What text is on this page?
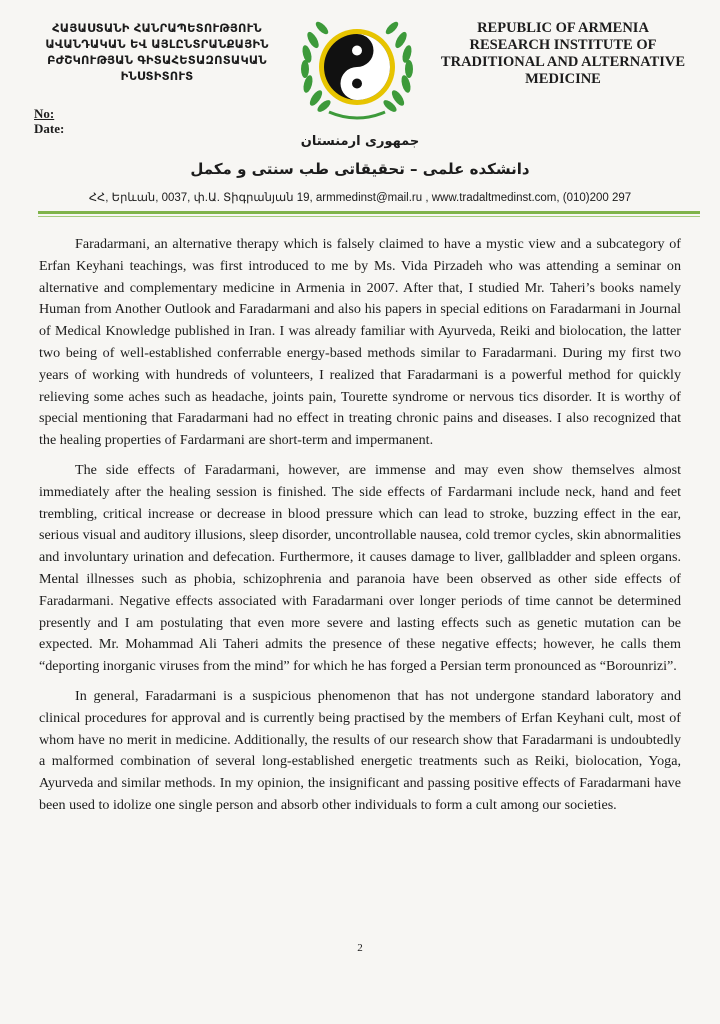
ՀԱՅԱՍՏԱՆԻ ՀԱՆՐԱՊԵՏՈՒԹՅՈՒՆ
ԱՎԱՆԴԱԿԱՆ ԵՎ ԱՅԼԸՆՏՐԱՆՔԱՅԻՆ
ԲԺՇԿՈՒԹՅԱՆ ԳԻՏԱՀԵՏԱԶՈՏԱԿԱՆ
ԻՆՍՏԻՏՈՒՏ
REPUBLIC OF ARMENIA
RESEARCH INSTITUTE OF
TRADITIONAL AND ALTERNATIVE
MEDICINE
No:
Date:
جمهوری ارمنستان
دانشکده علمی – تحقیقاتی طب سنتی و مکمل
ՀՀ, Երևան, 0037, փ.Ա. Տիգրանյան 19, armmedinst@mail.ru , www.tradaltmedinst.com, (010)200 297

Faradarmani, an alternative therapy which is falsely claimed to have a mystic view and a subcategory of Erfan Keyhani teachings, was first introduced to me by Ms. Vida Pirzadeh who was attending a seminar on alternative and complementary medicine in Armenia in 2007. After that, I studied Mr. Taheri’s books namely Human from Another Outlook and Faradarmani and also his papers in special editions on Faradarmani in Journal of Medical Knowledge published in Iran. I was already familiar with Ayurveda, Reiki and biolocation, the latter two being of well-established conferrable energy-based methods similar to Faradarmani. During my first two years of working with hundreds of volunteers, I realized that Faradarmani is a powerful method for quickly relieving some aches such as headache, joints pain, Tourette syndrome or nervous tics disorder. It is worthy of special mentioning that Faradarmani had no effect in treating chronic pains and diseases. I also recognized that the healing properties of Fardarmani are short-term and impermanent.

The side effects of Faradarmani, however, are immense and may even show themselves almost immediately after the healing session is finished. The side effects of Fardarmani include neck, hand and feet trembling, critical increase or decrease in blood pressure which can lead to stroke, buzzing effect in the ear, serious visual and auditory illusions, sleep disorder, uncontrollable nausea, cold tremor cycles, skin abnormalities and involuntary urination and defecation. Furthermore, it causes damage to liver, gallbladder and spleen organs. Mental illnesses such as phobia, schizophrenia and paranoia have been observed as other side effects of Faradarmani. Negative effects associated with Faradarmani over longer periods of time cannot be determined presently and I am postulating that even more severe and lasting effects such as genetic mutation can be expected. Mr. Mohammad Ali Taheri admits the presence of these negative effects; however, he calls them “deporting inorganic viruses from the mind” for which he has forged a Persian term pronounced as “Borounrizi”.

In general, Faradarmani is a suspicious phenomenon that has not undergone standard laboratory and clinical procedures for approval and is currently being practised by the members of Erfan Keyhani cult, most of whom have no merit in medicine. Additionally, the results of our research show that Faradarmani is undoubtedly a malformed combination of several long-established energetic treatments such as Reiki, biolocation, Yoga, Ayurveda and similar methods. In my opinion, the insignificant and passing positive effects of Faradarmani have been used to idolize one single person and absorb other individuals to form a cult among our societies.

2
